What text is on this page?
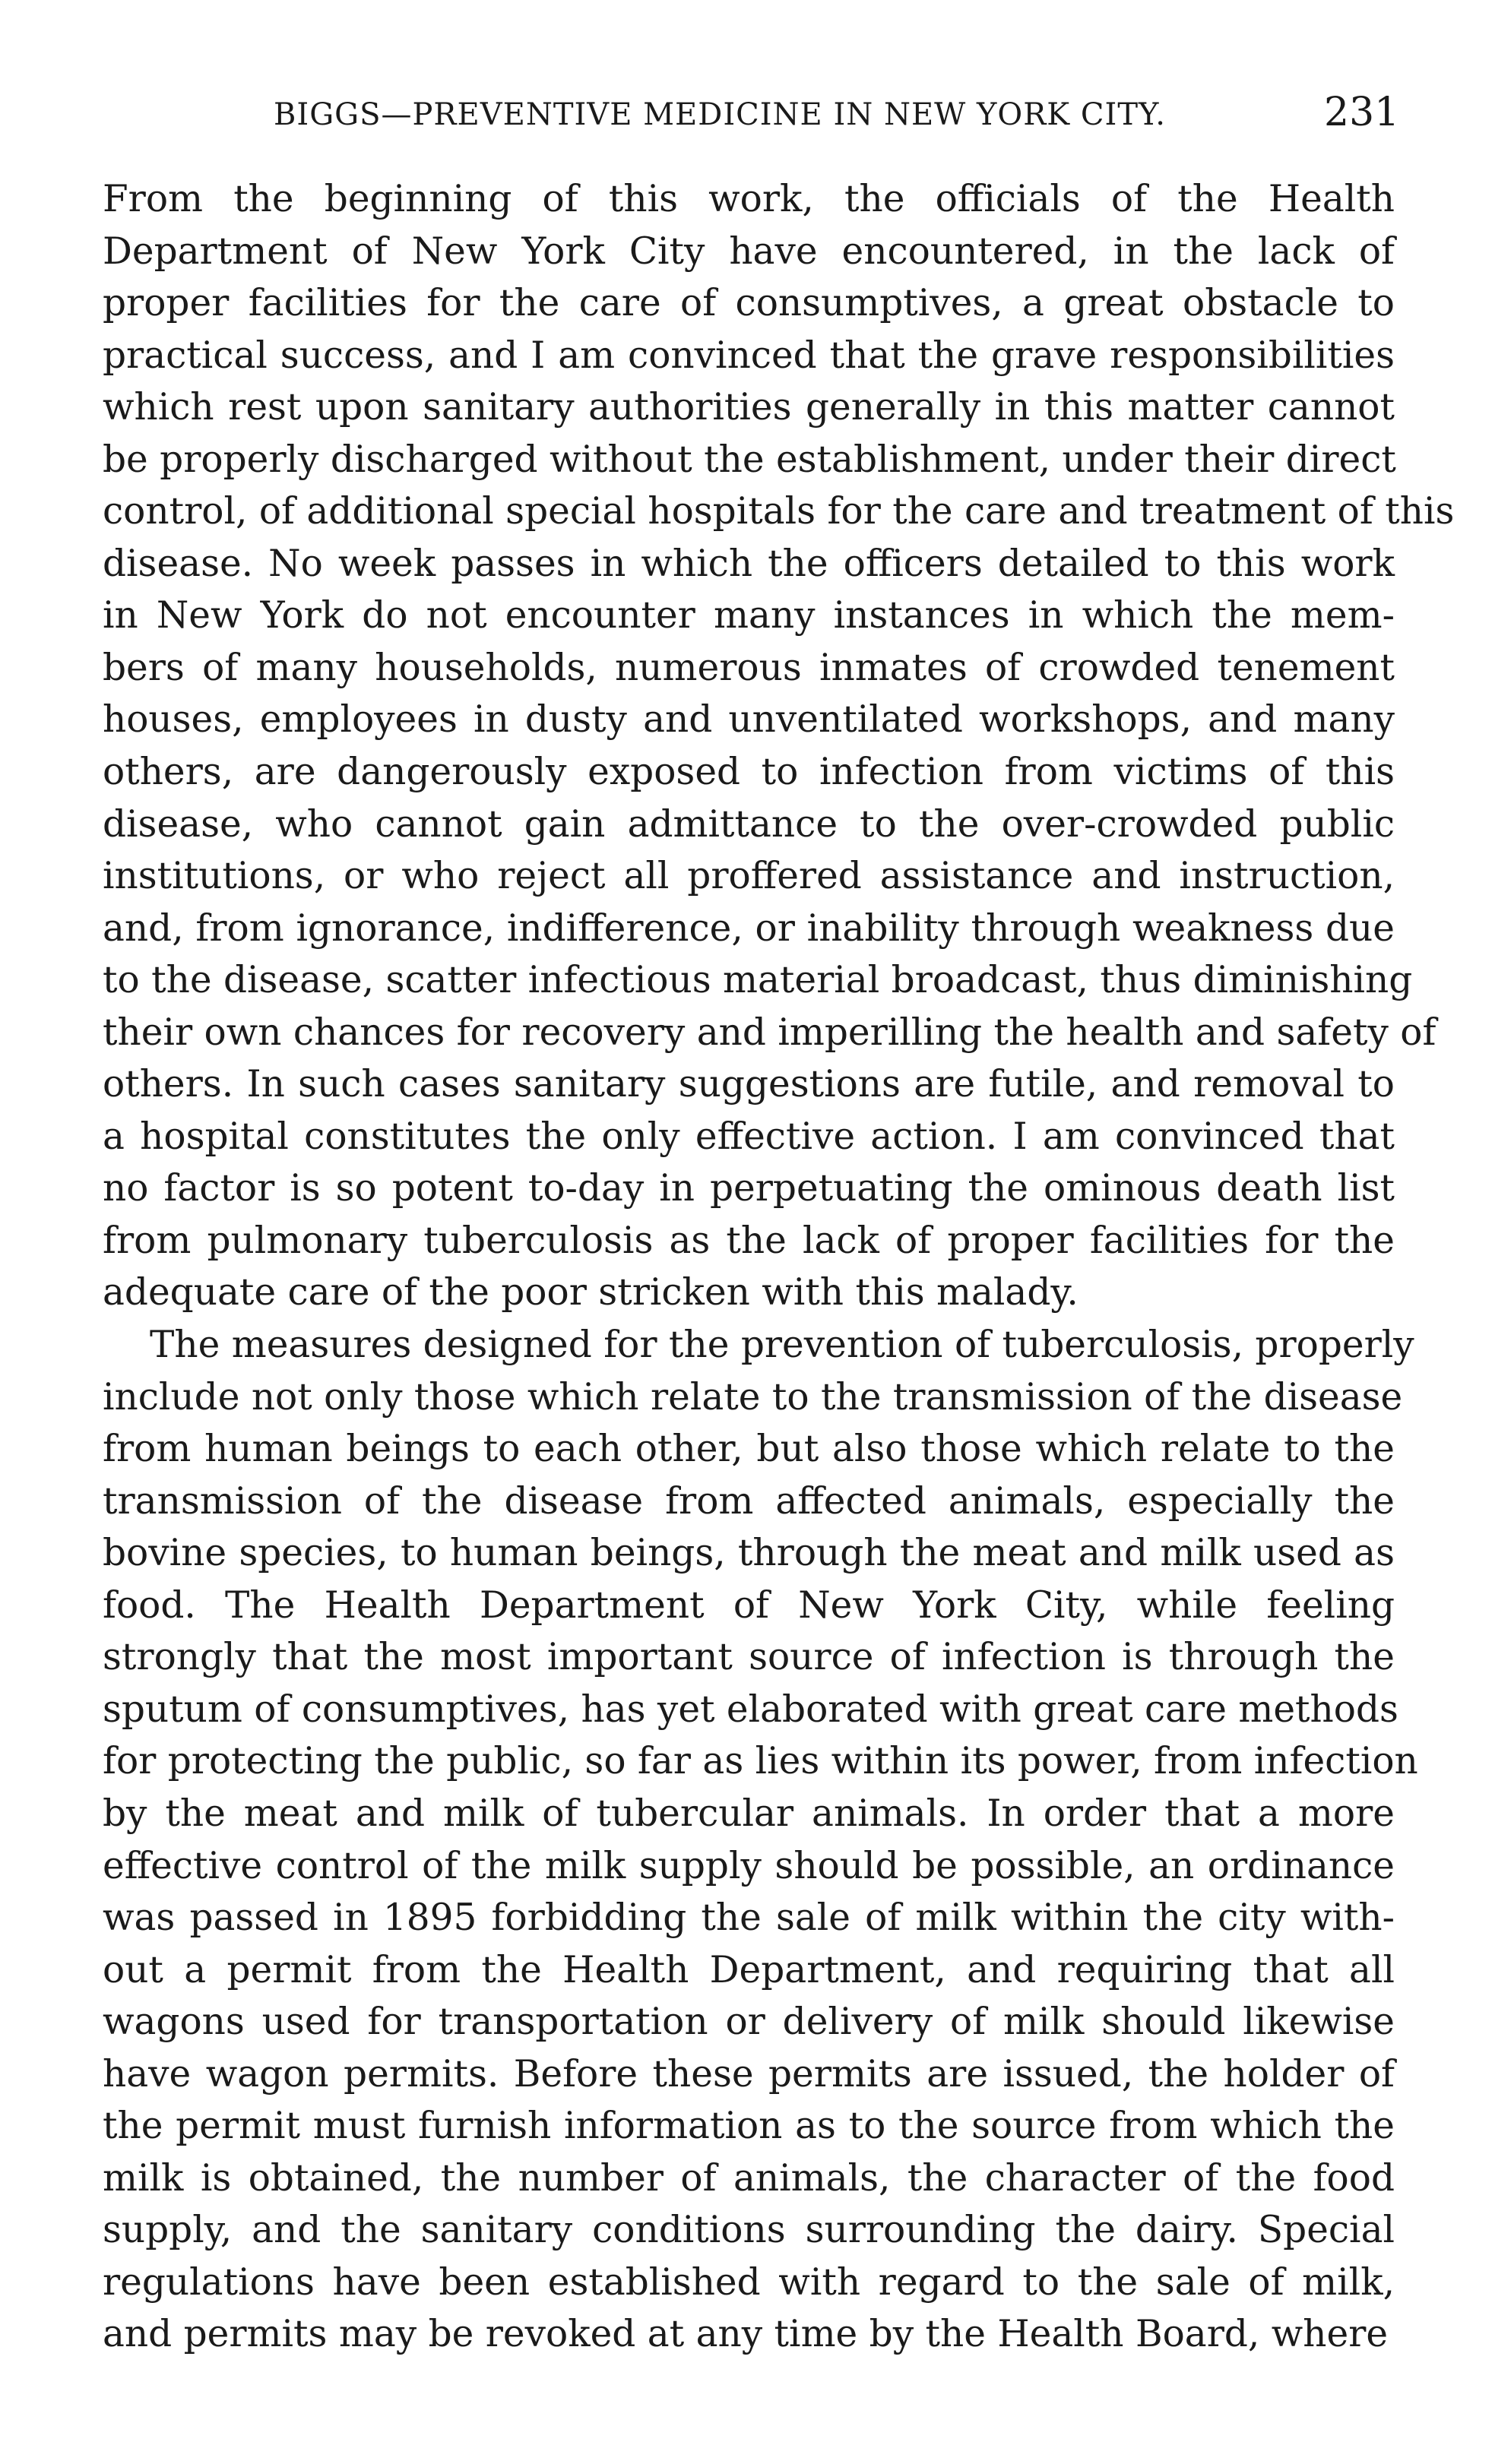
BIGGS—PREVENTIVE MEDICINE IN NEW YORK CITY.	231
From the beginning of this work, the officials of the Health
Department of New York City have encountered, in the lack of
proper facilities for the care of consumptives, a great obstacle to
practical success, and I am convinced that the grave responsibilities
which rest upon sanitary authorities generally in this matter cannot
be properly discharged without the establishment, under their direct
control, of additional special hospitals for the care and treatment of this
disease. No week passes in which the officers detailed to this work
in New York do not encounter many instances in which the mem-
bers of many households, numerous inmates of crowded tenement
houses, employees in dusty and unventilated workshops, and many
others, are dangerously exposed to infection from victims of this
disease, who cannot gain admittance to the over-crowded public
institutions, or who reject all proffered assistance and instruction,
and, from ignorance, indifference, or inability through weakness due
to the disease, scatter infectious material broadcast, thus diminishing
their own chances for recovery and imperilling the health and safety of
others. In such cases sanitary suggestions are futile, and removal to
a hospital constitutes the only effective action. I am convinced that
no factor is so potent to-day in perpetuating the ominous death list
from pulmonary tuberculosis as the lack of proper facilities for the
adequate care of the poor stricken with this malady.
The measures designed for the prevention of tuberculosis, properly
include not only those which relate to the transmission of the disease
from human beings to each other, but also those which relate to the
transmission of the disease from affected animals, especially the
bovine species, to human beings, through the meat and milk used as
food. The Health Department of New York City, while feeling
strongly that the most important source of infection is through the
sputum of consumptives, has yet elaborated with great care methods
for protecting the public, so far as lies within its power, from infection
by the meat and milk of tubercular animals. In order that a more
effective control of the milk supply should be possible, an ordinance
was passed in 1895 forbidding the sale of milk within the city with-
out a permit from the Health Department, and requiring that all
wagons used for transportation or delivery of milk should likewise
have wagon permits. Before these permits are issued, the holder of
the permit must furnish information as to the source from which the
milk is obtained, the number of animals, the character of the food
supply, and the sanitary conditions surrounding the dairy. Special
regulations have been established with regard to the sale of milk,
and permits may be revoked at any time by the Health Board, where
